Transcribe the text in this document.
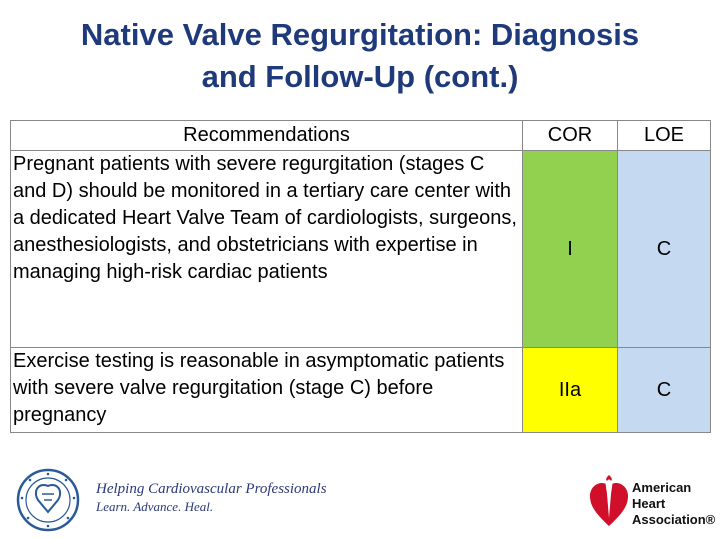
Native Valve Regurgitation: Diagnosis
and Follow-Up (cont.)
Recommendations	COR	LOE
Pregnant patients with severe regurgitation (stages C and D) should be monitored in a tertiary care center with a dedicated Heart Valve Team of cardiologists, surgeons, anesthesiologists, and obstetricians with expertise in managing high-risk cardiac patients	I	C
Exercise testing is reasonable in asymptomatic patients with severe valve regurgitation (stage C) before pregnancy	IIa	C
Helping Cardiovascular Professionals
Learn. Advance. Heal.
American
Heart
Association®
